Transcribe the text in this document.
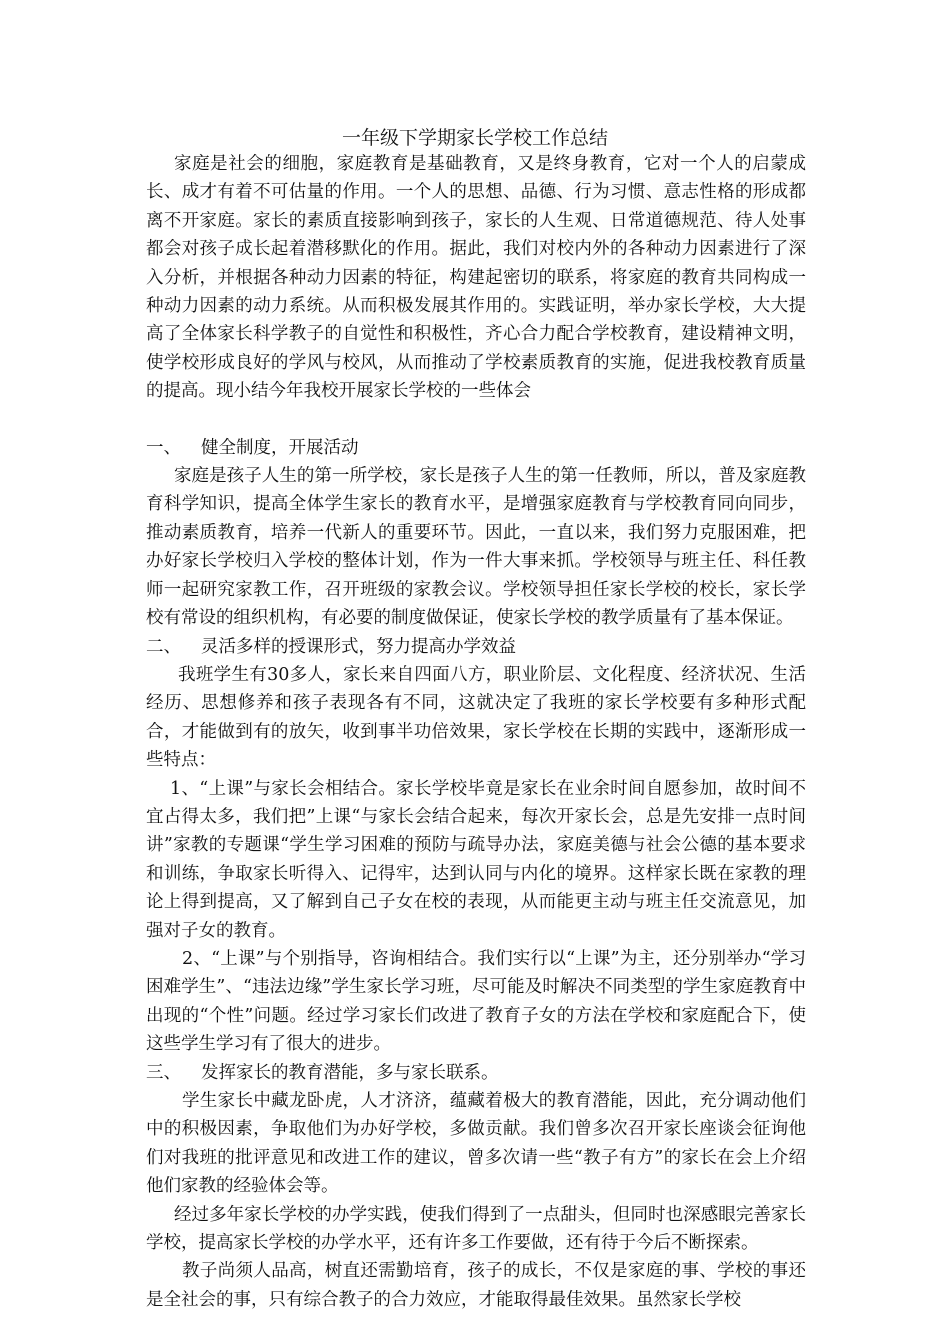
一年级下学期家长学校工作总结

家庭是社会的细胞，家庭教育是基础教育，又是终身教育，它对一个人的启蒙成长、成才有着不可估量的作用。一个人的思想、品德、行为习惯、意志性格的形成都离不开家庭。家长的素质直接影响到孩子，家长的人生观、日常道德规范、待人处事都会对孩子成长起着潜移默化的作用。据此，我们对校内外的各种动力因素进行了深入分析，并根据各种动力因素的特征，构建起密切的联系，将家庭的教育共同构成一种动力因素的动力系统。从而积极发展其作用的。实践证明，举办家长学校，大大提高了全体家长科学教子的自觉性和积极性，齐心合力配合学校教育，建设精神文明，使学校形成良好的学风与校风，从而推动了学校素质教育的实施，促进我校教育质量的提高。现小结今年我校开展家长学校的一些体会

一、	健全制度，开展活动

家庭是孩子人生的第一所学校，家长是孩子人生的第一任教师，所以，普及家庭教育科学知识，提高全体学生家长的教育水平，是增强家庭教育与学校教育同向同步，推动素质教育，培养一代新人的重要环节。因此，一直以来，我们努力克服困难，把办好家长学校归入学校的整体计划，作为一件大事来抓。学校领导与班主任、科任教师一起研究家教工作，召开班级的家教会议。学校领导担任家长学校的校长，家长学校有常设的组织机构，有必要的制度做保证，使家长学校的教学质量有了基本保证。

二、	灵活多样的授课形式，努力提高办学效益

我班学生有30多人，家长来自四面八方，职业阶层、文化程度、经济状况、生活经历、思想修养和孩子表现各有不同，这就决定了我班的家长学校要有多种形式配合，才能做到有的放矢，收到事半功倍效果，家长学校在长期的实践中，逐渐形成一些特点：

1、“上课”与家长会相结合。家长学校毕竟是家长在业余时间自愿参加，故时间不宜占得太多，我们把”上课“与家长会结合起来，每次开家长会，总是先安排一点时间讲”家教的专题课“学生学习困难的预防与疏导办法，家庭美德与社会公德的基本要求和训练，争取家长听得入、记得牢，达到认同与内化的境界。这样家长既在家教的理论上得到提高，又了解到自己子女在校的表现，从而能更主动与班主任交流意见，加强对子女的教育。

2、“上课”与个别指导，咨询相结合。我们实行以“上课”为主，还分别举办“学习困难学生”、“违法边缘”学生家长学习班，尽可能及时解决不同类型的学生家庭教育中出现的“个性”问题。经过学习家长们改进了教育子女的方法在学校和家庭配合下，使这些学生学习有了很大的进步。

三、	发挥家长的教育潜能，多与家长联系。

学生家长中藏龙卧虎，人才济济，蕴藏着极大的教育潜能，因此，充分调动他们中的积极因素，争取他们为办好学校，多做贡献。我们曾多次召开家长座谈会征询他们对我班的批评意见和改进工作的建议，曾多次请一些“教子有方”的家长在会上介绍他们家教的经验体会等。

经过多年家长学校的办学实践，使我们得到了一点甜头，但同时也深感眼完善家长学校，提高家长学校的办学水平，还有许多工作要做，还有待于今后不断探索。

教子尚须人品高，树直还需勤培育，孩子的成长，不仅是家庭的事、学校的事还是全社会的事，只有综合教子的合力效应，才能取得最佳效果。虽然家长学校
